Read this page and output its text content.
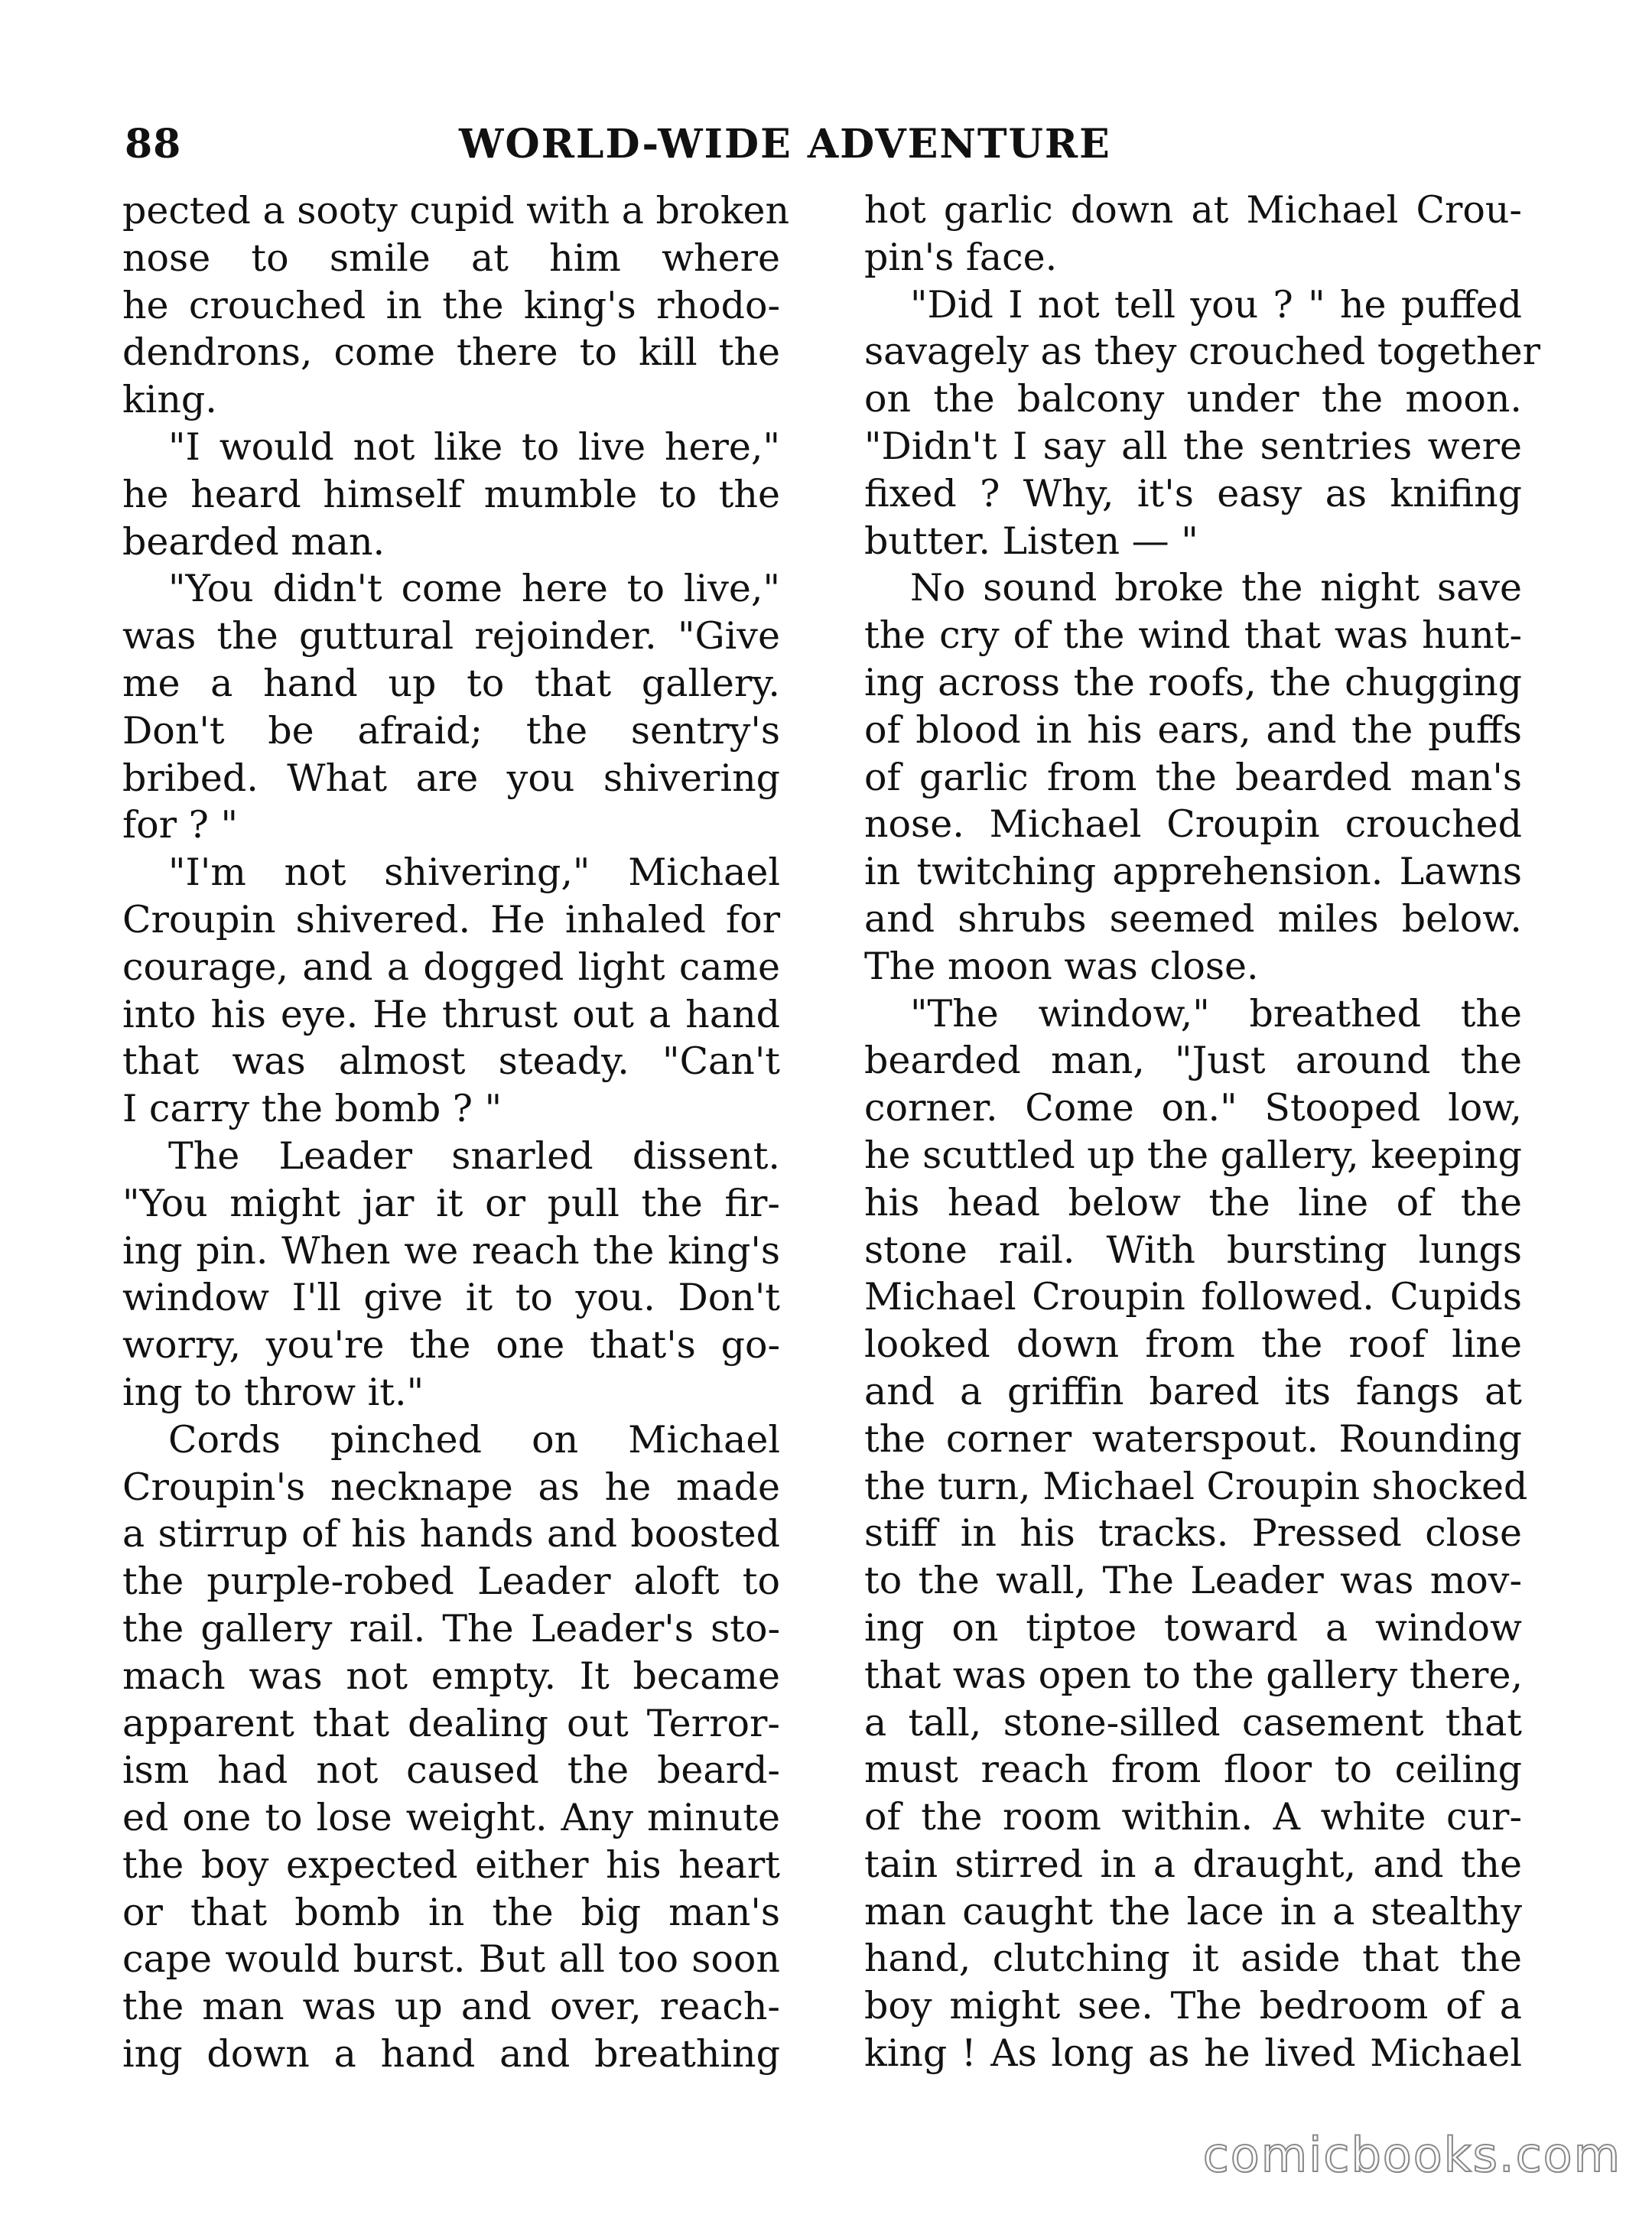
88	WORLD-WIDE ADVENTURE
pected a sooty cupid with a broken
nose to smile at him where
he crouched in the king's rhodo-
dendrons, come there to kill the
king.
"I would not like to live here,"
he heard himself mumble to the
bearded man.
"You didn't come here to live,"
was the guttural rejoinder. "Give
me a hand up to that gallery.
Don't be afraid; the sentry's
bribed. What are you shivering
for ? "
"I'm not shivering," Michael
Croupin shivered. He inhaled for
courage, and a dogged light came
into his eye. He thrust out a hand
that was almost steady. "Can't
I carry the bomb ? "
The Leader snarled dissent.
"You might jar it or pull the fir-
ing pin. When we reach the king's
window I'll give it to you. Don't
worry, you're the one that's go-
ing to throw it."
Cords pinched on Michael
Croupin's necknape as he made
a stirrup of his hands and boosted
the purple-robed Leader aloft to
the gallery rail. The Leader's sto-
mach was not empty. It became
apparent that dealing out Terror-
ism had not caused the beard-
ed one to lose weight. Any minute
the boy expected either his heart
or that bomb in the big man's
cape would burst. But all too soon
the man was up and over, reach-
ing down a hand and breathing
hot garlic down at Michael Crou-
pin's face.
"Did I not tell you ? " he puffed
savagely as they crouched together
on the balcony under the moon.
"Didn't I say all the sentries were
fixed ? Why, it's easy as knifing
butter. Listen — "
No sound broke the night save
the cry of the wind that was hunt-
ing across the roofs, the chugging
of blood in his ears, and the puffs
of garlic from the bearded man's
nose. Michael Croupin crouched
in twitching apprehension. Lawns
and shrubs seemed miles below.
The moon was close.
"The window," breathed the
bearded man, "Just around the
corner. Come on." Stooped low,
he scuttled up the gallery, keeping
his head below the line of the
stone rail. With bursting lungs
Michael Croupin followed. Cupids
looked down from the roof line
and a griffin bared its fangs at
the corner waterspout. Rounding
the turn, Michael Croupin shocked
stiff in his tracks. Pressed close
to the wall, The Leader was mov-
ing on tiptoe toward a window
that was open to the gallery there,
a tall, stone-silled casement that
must reach from floor to ceiling
of the room within. A white cur-
tain stirred in a draught, and the
man caught the lace in a stealthy
hand, clutching it aside that the
boy might see. The bedroom of a
king ! As long as he lived Michael
comicbooks.com
